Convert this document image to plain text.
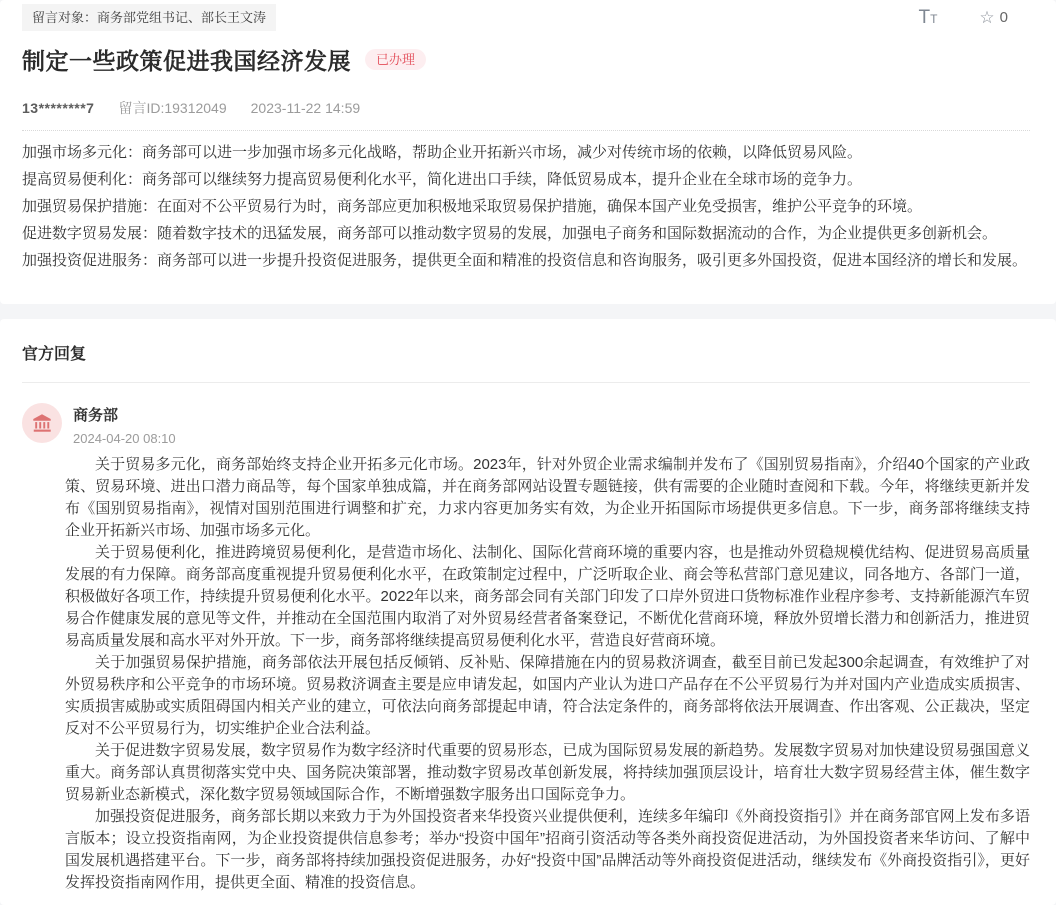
留言对象：商务部党组书记、部长王文涛	TT ☆ 0
制定一些政策促进我国经济发展	已办理
13********7 留言ID:19312049 2023-11-22 14:59

加强市场多元化：商务部可以进一步加强市场多元化战略，帮助企业开拓新兴市场，减少对传统市场的依赖，以降低贸易风险。

提高贸易便利化：商务部可以继续努力提高贸易便利化水平，简化进出口手续，降低贸易成本，提升企业在全球市场的竞争力。

加强贸易保护措施：在面对不公平贸易行为时，商务部应更加积极地采取贸易保护措施，确保本国产业免受损害，维护公平竞争的环境。

促进数字贸易发展：随着数字技术的迅猛发展，商务部可以推动数字贸易的发展，加强电子商务和国际数据流动的合作，为企业提供更多创新机会。

加强投资促进服务：商务部可以进一步提升投资促进服务，提供更全面和精准的投资信息和咨询服务，吸引更多外国投资，促进本国经济的增长和发展。

官方回复
商务部
2024-04-20 08:10

关于贸易多元化，商务部始终支持企业开拓多元化市场。2023年，针对外贸企业需求编制并发布了《国别贸易指南》，介绍40个国家的产业政策、贸易环境、进出口潜力商品等，每个国家单独成篇，并在商务部网站设置专题链接，供有需要的企业随时查阅和下载。今年，将继续更新并发布《国别贸易指南》，视情对国别范围进行调整和扩充，力求内容更加务实有效，为企业开拓国际市场提供更多信息。下一步，商务部将继续支持企业开拓新兴市场、加强市场多元化。

关于贸易便利化，推进跨境贸易便利化，是营造市场化、法制化、国际化营商环境的重要内容，也是推动外贸稳规模优结构、促进贸易高质量发展的有力保障。商务部高度重视提升贸易便利化水平，在政策制定过程中，广泛听取企业、商会等私营部门意见建议，同各地方、各部门一道，积极做好各项工作，持续提升贸易便利化水平。2022年以来，商务部会同有关部门印发了口岸外贸进口货物标准作业程序参考、支持新能源汽车贸易合作健康发展的意见等文件，并推动在全国范围内取消了对外贸易经营者备案登记，不断优化营商环境，释放外贸增长潜力和创新活力，推进贸易高质量发展和高水平对外开放。下一步，商务部将继续提高贸易便利化水平，营造良好营商环境。

关于加强贸易保护措施，商务部依法开展包括反倾销、反补贴、保障措施在内的贸易救济调查，截至目前已发起300余起调查，有效维护了对外贸易秩序和公平竞争的市场环境。贸易救济调查主要是应申请发起，如国内产业认为进口产品存在不公平贸易行为并对国内产业造成实质损害、实质损害威胁或实质阻碍国内相关产业的建立，可依法向商务部提起申请，符合法定条件的，商务部将依法开展调查、作出客观、公正裁决，坚定反对不公平贸易行为，切实维护企业合法利益。

关于促进数字贸易发展，数字贸易作为数字经济时代重要的贸易形态，已成为国际贸易发展的新趋势。发展数字贸易对加快建设贸易强国意义重大。商务部认真贯彻落实党中央、国务院决策部署，推动数字贸易改革创新发展，将持续加强顶层设计，培育壮大数字贸易经营主体，催生数字贸易新业态新模式，深化数字贸易领域国际合作，不断增强数字服务出口国际竞争力。

加强投资促进服务，商务部长期以来致力于为外国投资者来华投资兴业提供便利，连续多年编印《外商投资指引》并在商务部官网上发布多语言版本；设立投资指南网，为企业投资提供信息参考；举办“投资中国年”招商引资活动等各类外商投资促进活动，为外国投资者来华访问、了解中国发展机遇搭建平台。下一步，商务部将持续加强投资促进服务，办好“投资中国”品牌活动等外商投资促进活动，继续发布《外商投资指引》，更好发挥投资指南网作用，提供更全面、精准的投资信息。
